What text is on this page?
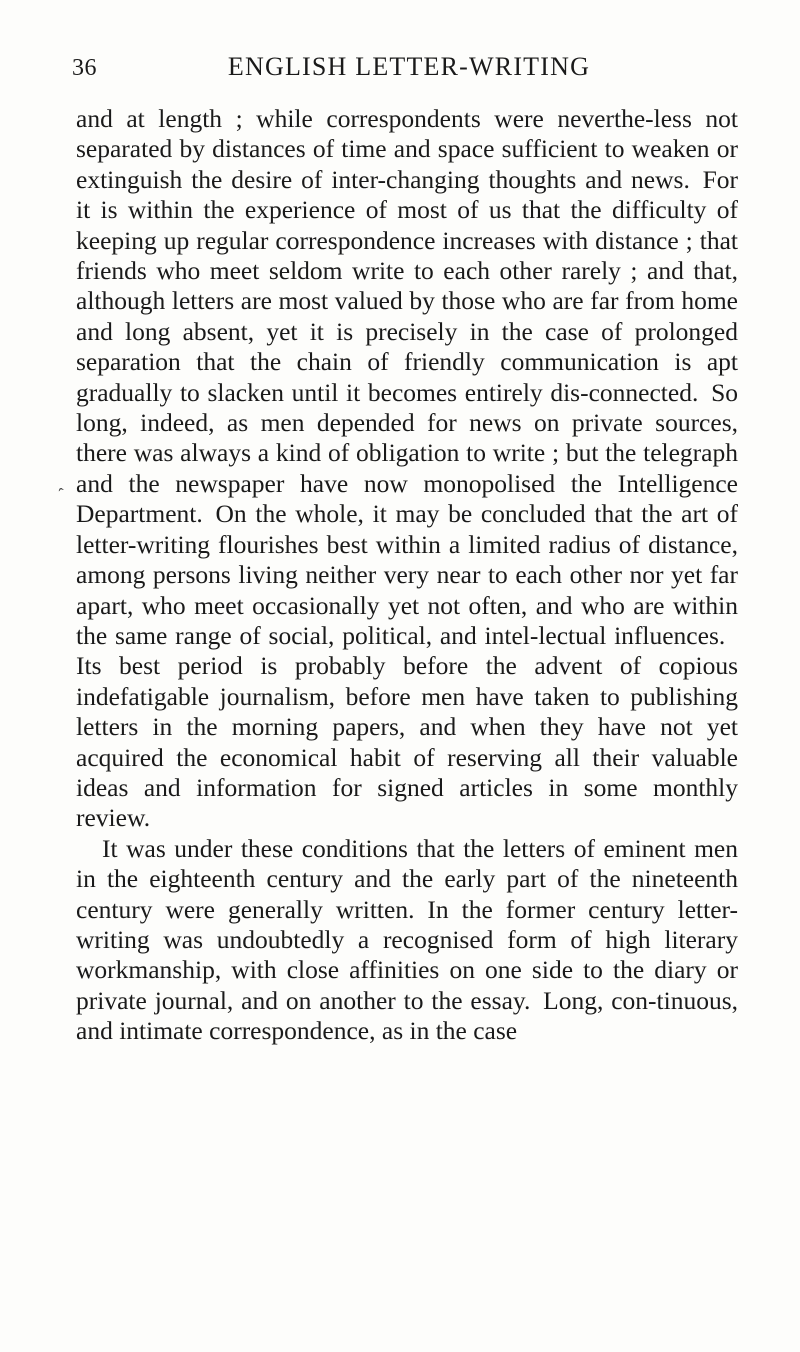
36	ENGLISH LETTER-WRITING
ˆ

and at length ; while correspondents were neverthe-less not separated by distances of time and space sufficient to weaken or extinguish the desire of inter-changing thoughts and news. For it is within the experience of most of us that the difficulty of keeping up regular correspondence increases with distance ; that friends who meet seldom write to each other rarely ; and that, although letters are most valued by those who are far from home and long absent, yet it is precisely in the case of prolonged separation that the chain of friendly communication is apt gradually to slacken until it becomes entirely dis-connected. So long, indeed, as men depended for news on private sources, there was always a kind of obligation to write ; but the telegraph and the newspaper have now monopolised the Intelligence Department. On the whole, it may be concluded that the art of letter-writing flourishes best within a limited radius of distance, among persons living neither very near to each other nor yet far apart, who meet occasionally yet not often, and who are within the same range of social, political, and intel-lectual influences. Its best period is probably before the advent of copious indefatigable journalism, before men have taken to publishing letters in the morning papers, and when they have not yet acquired the economical habit of reserving all their valuable ideas and information for signed articles in some monthly review.

It was under these conditions that the letters of eminent men in the eighteenth century and the early part of the nineteenth century were generally written. In the former century letter-writing was undoubtedly a recognised form of high literary workmanship, with close affinities on one side to the diary or private journal, and on another to the essay. Long, con-tinuous, and intimate correspondence, as in the case
